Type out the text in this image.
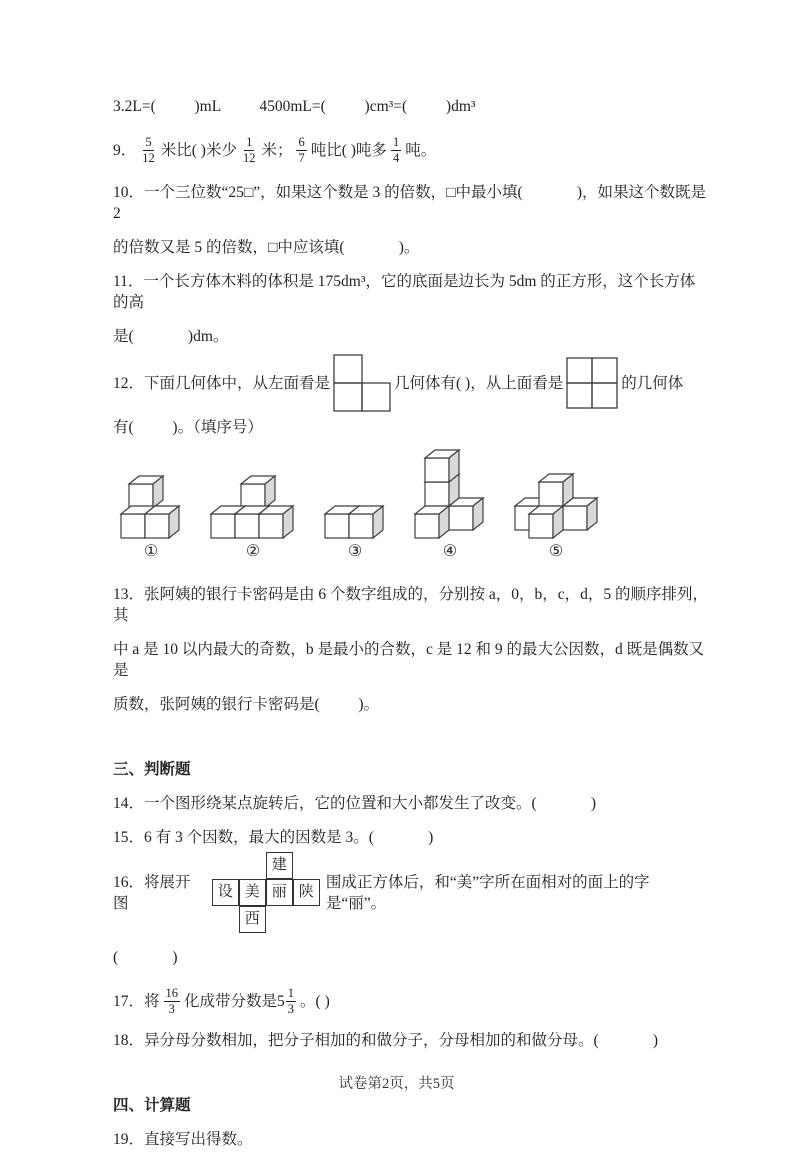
3.2L=(          )mL          4500mL=(          )cm³=(          )dm³
9． $\frac{5}{12}$ 米比( )米少 $\frac{1}{12}$ 米； $\frac{6}{7}$ 吨比( )吨多 $\frac{1}{4}$ 吨。
10．一个三位数“25□”，如果这个数是 3 的倍数，□中最小填(              )，如果这个数既是 2
的倍数又是 5 的倍数，□中应该填(              )。
11．一个长方体木料的体积是 175dm³，它的底面是边长为 5dm 的正方形，这个长方体的高
是(              )dm。
12．下面几何体中，从左面看是	几何体有( )，从上面看是	的几何体
有(          )。（填序号）
①	②	③	④	⑤
13．张阿姨的银行卡密码是由 6 个数字组成的，分别按 a，0，b，c，d，5 的顺序排列，其
中 a 是 10 以内最大的奇数，b 是最小的合数，c 是 12 和 9 的最大公因数，d 既是偶数又是
质数，张阿姨的银行卡密码是(          )。
三、判断题
14．一个图形绕某点旋转后，它的位置和大小都发生了改变。(              )
15．6 有 3 个因数，最大的因数是 3。(              )
16．将展开图
建
设 美 丽 陕
西
围成正方体后，和“美”字所在面相对的面上的字是“丽”。
(              )
17．将 $\frac{16}{3}$ 化成带分数是 $5 \frac{1}{3}$ 。( )
18．异分母分数相加，把分子相加的和做分子，分母相加的和做分母。(              )
四、计算题
19．直接写出得数。
试卷第2页，共5页
